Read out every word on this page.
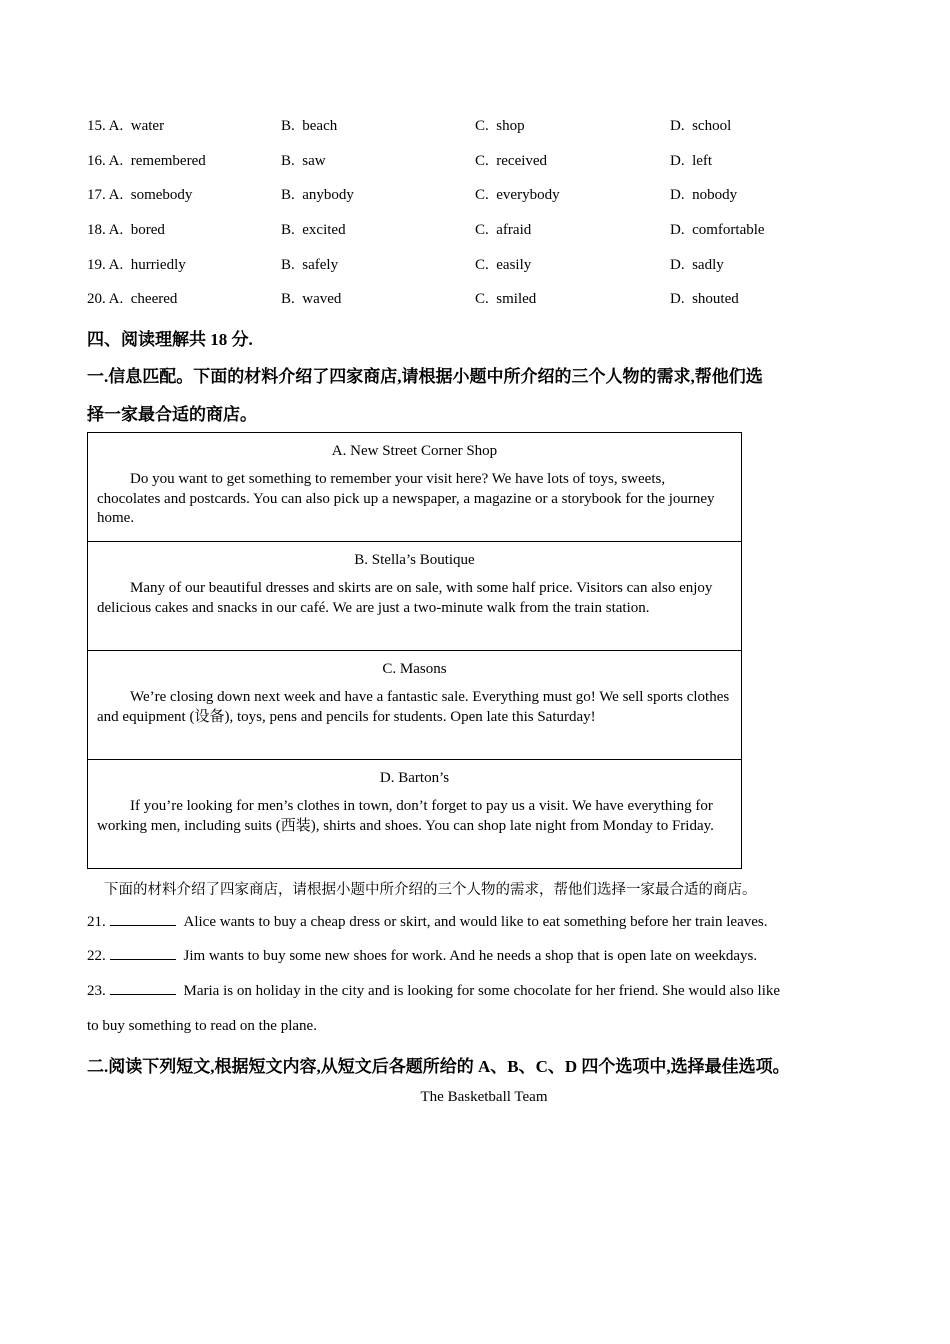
15. A. water	B. beach	C. shop	D. school
16. A. remembered	B. saw	C. received	D. left
17. A. somebody	B. anybody	C. everybody	D. nobody
18. A. bored	B. excited	C. afraid	D. comfortable
19. A. hurriedly	B. safely	C. easily	D. sadly
20. A. cheered	B. waved	C. smiled	D. shouted
四、阅读理解共 18 分.
一.信息匹配。下面的材料介绍了四家商店,请根据小题中所介绍的三个人物的需求,帮他们选
择一家最合适的商店。
A. New Street Corner Shop
Do you want to get something to remember your visit here? We have lots of toys, sweets, chocolates and postcards. You can also pick up a newspaper, a magazine or a storybook for the journey home.

B. Stella’s Boutique
Many of our beautiful dresses and skirts are on sale, with some half price. Visitors can also enjoy delicious cakes and snacks in our café. We are just a two-minute walk from the train station.

C. Masons
We’re closing down next week and have a fantastic sale. Everything must go! We sell sports clothes and equipment (设备), toys, pens and pencils for students. Open late this Saturday!

D. Barton’s
If you’re looking for men’s clothes in town, don’t forget to pay us a visit. We have everything for working men, including suits (西装), shirts and shoes. You can shop late night from Monday to Friday.
下面的材料介绍了四家商店，请根据小题中所介绍的三个人物的需求，帮他们选择一家最合适的商店。
21.	Alice wants to buy a cheap dress or skirt, and would like to eat something before her train leaves.
22.	Jim wants to buy some new shoes for work. And he needs a shop that is open late on weekdays.
23.	Maria is on holiday in the city and is looking for some chocolate for her friend. She would also like
to buy something to read on the plane.
二.阅读下列短文,根据短文内容,从短文后各题所给的 A、B、C、D 四个选项中,选择最佳选项。
The Basketball Team
